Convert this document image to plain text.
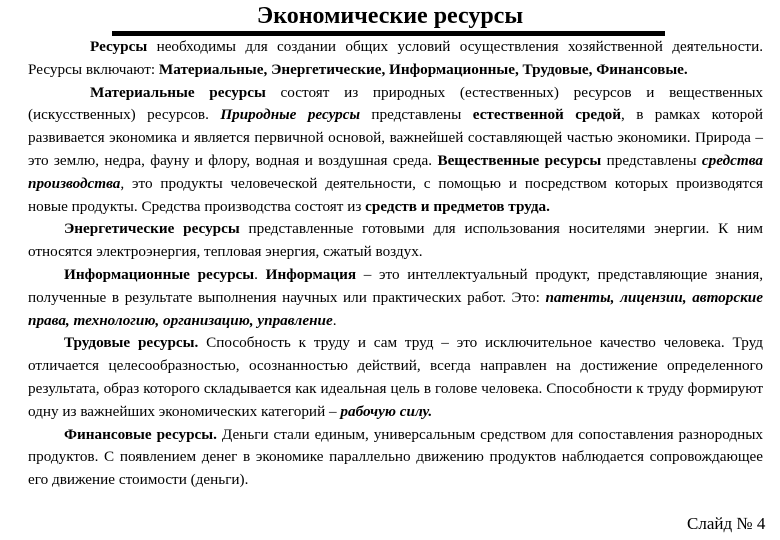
Экономические ресурсы

Ресурсы необходимы для создании общих условий осуществления хозяйственной деятельности. Ресурсы включают: Материальные, Энергетические, Информационные, Трудовые, Финансовые.

Материальные ресурсы состоят из природных (естественных) ресурсов и вещественных (искусственных) ресурсов. Природные ресурсы представлены естественной средой, в рамках которой развивается экономика и является первичной основой, важнейшей составляющей частью экономики. Природа – это землю, недра, фауну и флору, водная и воздушная среда. Вещественные ресурсы представлены средства производства, это продукты человеческой деятельности, с помощью и посредством которых производятся новые продукты. Средства производства состоят из средств и предметов труда.

Энергетические ресурсы представленные готовыми для использования носителями энергии. К ним относятся электроэнергия, тепловая энергия, сжатый воздух.

Информационные ресурсы. Информация – это интеллектуальный продукт, представляющие знания, полученные в результате выполнения научных или практических работ. Это: патенты, лицензии, авторские права, технологию, организацию, управление.

Трудовые ресурсы. Способность к труду и сам труд – это исключительное качество человека. Труд отличается целесообразностью, осознанностью действий, всегда направлен на достижение определенного результата, образ которого складывается как идеальная цель в голове человека. Способности к труду формируют одну из важнейших экономических категорий – рабочую силу.

Финансовые ресурсы. Деньги стали единым, универсальным средством для сопоставления разнородных продуктов. С появлением денег в экономике параллельно движению продуктов наблюдается сопровождающее его движение стоимости (деньги).

Слайд № 4
